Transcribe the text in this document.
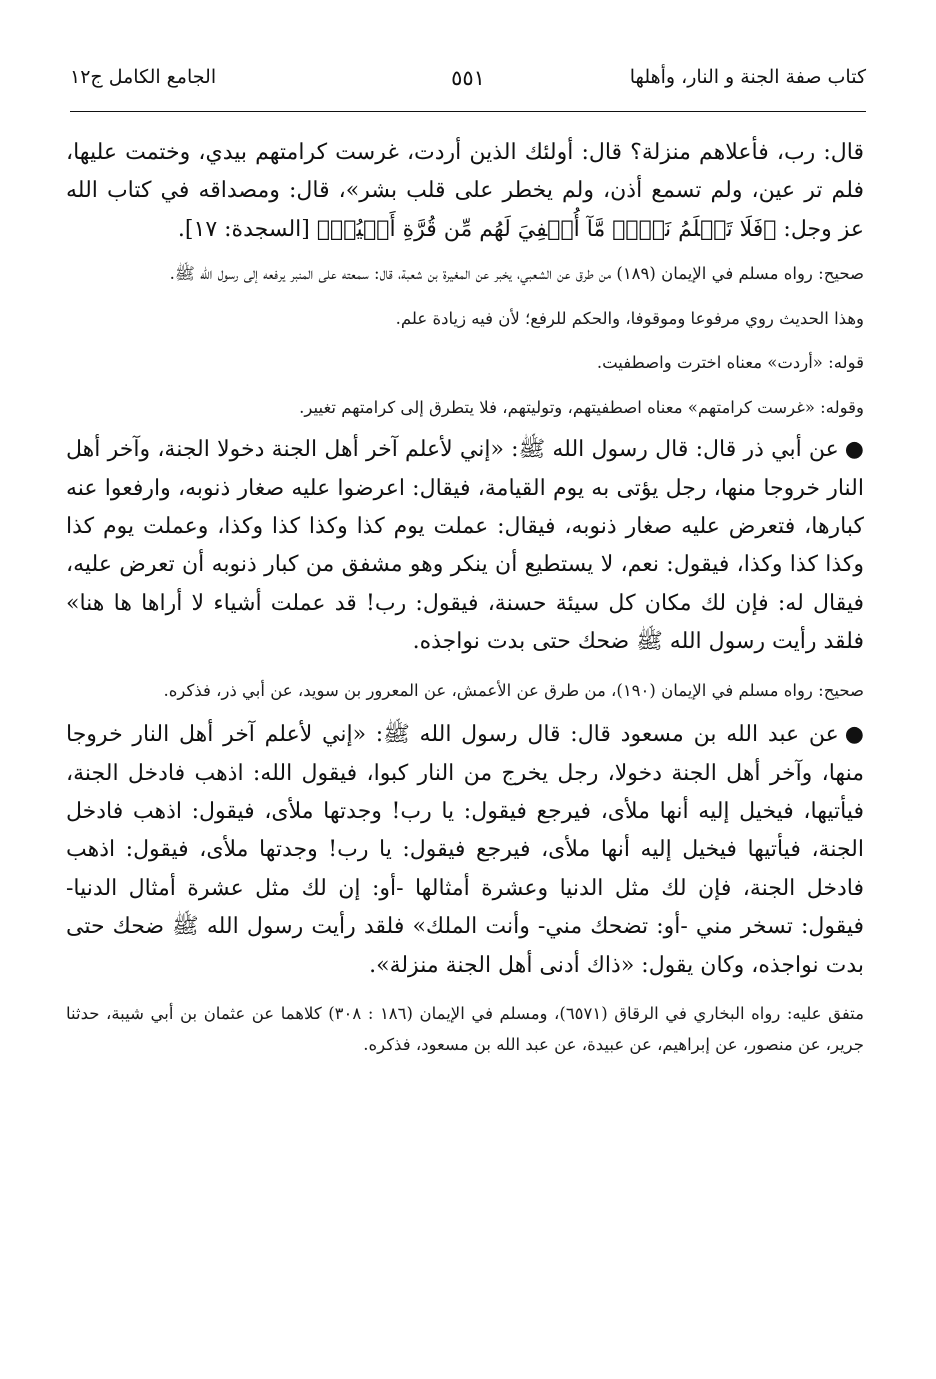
كتاب صفة الجنة و النار، وأهلها
٥٥١
الجامع الكامل ج١٢

قال: رب، فأعلاهم منزلة؟ قال: أولئك الذين أردت، غرست كرامتهم بيدي، وختمت عليها، فلم تر عين، ولم تسمع أذن، ولم يخطر على قلب بشر»، قال: ومصداقه في كتاب الله عز وجل: ﴿فَلَا تَعۡلَمُ نَفۡسٞ مَّآ أُخۡفِيَ لَهُم مِّن قُرَّةِ أَعۡيُنٖ﴾ [السجدة: ١٧].

صحيح: رواه مسلم في الإيمان (١٨٩) من طرق عن الشعبي، يخبر عن المغيرة بن شعبة، قال: سمعته على المنبر يرفعه إلى رسول الله ﷺ.

وهذا الحديث روي مرفوعا وموقوفا، والحكم للرفع؛ لأن فيه زيادة علم.

قوله: «أردت» معناه اخترت واصطفيت.

وقوله: «غرست كرامتهم» معناه اصطفيتهم، وتوليتهم، فلا يتطرق إلى كرامتهم تغيير.

●عن أبي ذر قال: قال رسول الله ﷺ: «إني لأعلم آخر أهل الجنة دخولا الجنة، وآخر أهل النار خروجا منها، رجل يؤتى به يوم القيامة، فيقال: اعرضوا عليه صغار ذنوبه، وارفعوا عنه كبارها، فتعرض عليه صغار ذنوبه، فيقال: عملت يوم كذا وكذا كذا وكذا، وعملت يوم كذا وكذا كذا وكذا، فيقول: نعم، لا يستطيع أن ينكر وهو مشفق من كبار ذنوبه أن تعرض عليه، فيقال له: فإن لك مكان كل سيئة حسنة، فيقول: رب! قد عملت أشياء لا أراها ها هنا» فلقد رأيت رسول الله ﷺ ضحك حتى بدت نواجذه.

صحيح: رواه مسلم في الإيمان (١٩٠)، من طرق عن الأعمش، عن المعرور بن سويد، عن أبي ذر، فذكره.

●عن عبد الله بن مسعود قال: قال رسول الله ﷺ: «إني لأعلم آخر أهل النار خروجا منها، وآخر أهل الجنة دخولا، رجل يخرج من النار كبوا، فيقول الله: اذهب فادخل الجنة، فيأتيها، فيخيل إليه أنها ملأى، فيرجع فيقول: يا رب! وجدتها ملأى، فيقول: اذهب فادخل الجنة، فيأتيها فيخيل إليه أنها ملأى، فيرجع فيقول: يا رب! وجدتها ملأى، فيقول: اذهب فادخل الجنة، فإن لك مثل الدنيا وعشرة أمثالها -أو: إن لك مثل عشرة أمثال الدنيا- فيقول: تسخر مني -أو: تضحك مني- وأنت الملك» فلقد رأيت رسول الله ﷺ ضحك حتى بدت نواجذه، وكان يقول: «ذاك أدنى أهل الجنة منزلة».

متفق عليه: رواه البخاري في الرقاق (٦٥٧١)، ومسلم في الإيمان (١٨٦ : ٣٠٨) كلاهما عن عثمان بن أبي شيبة، حدثنا جرير، عن منصور، عن إبراهيم، عن عبيدة، عن عبد الله بن مسعود، فذكره.
